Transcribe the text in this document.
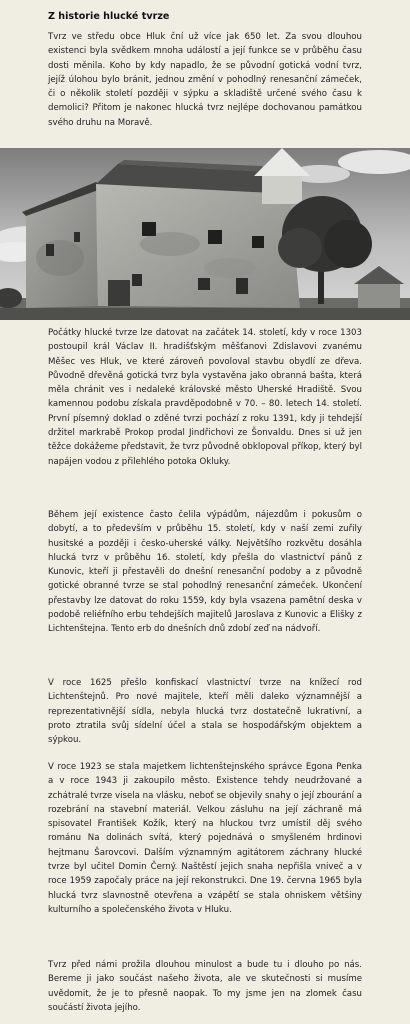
Z historie hlucké tvrze

Tvrz ve středu obce Hluk ční už více jak 650 let. Za svou dlouhou existenci byla svědkem mnoha událostí a její funkce se v průběhu času dosti měnila. Koho by kdy napadlo, že se původní gotická vodní tvrz, jejíž úlohou bylo bránit, jednou změní v pohodlný renesanční zámeček, či o několik století později v sýpku a skladiště určené svého času k demolici? Přitom je nakonec hlucká tvrz nejlépe dochovanou památkou svého druhu na Moravě.

Počátky hlucké tvrze lze datovat na začátek 14. století, kdy v roce 1303 postoupil král Václav II. hradišťským měšťanovi Zdislavovi zvanému Měšec ves Hluk, ve které zároveň povoloval stavbu obydlí ze dřeva. Původně dřevěná gotická tvrz byla vystavěna jako obranná bašta, která měla chránit ves i nedaleké královské město Uherské Hradiště. Svou kamennou podobu získala pravděpodobně v 70. – 80. letech 14. století. První písemný doklad o zděné tvrzi pochází z roku 1391, kdy ji tehdejší držitel markrabě Prokop prodal Jindřichovi ze Šonvaldu. Dnes si už jen těžce dokážeme představit, že tvrz původně obklopoval příkop, který byl napájen vodou z přilehlého potoka Okluky.

Během její existence často čelila výpádům, nájezdům i pokusům o dobytí, a to především v průběhu 15. století, kdy v naší zemi zuřily husitské a později i česko-uherské války. Největšího rozkvětu dosáhla hlucká tvrz v průběhu 16. století, kdy přešla do vlastnictví pánů z Kunovic, kteří ji přestavěli do dnešní renesanční podoby a z původně gotické obranné tvrze se stal pohodlný renesanční zámeček. Ukončení přestavby lze datovat do roku 1559, kdy byla vsazena pamětní deska v podobě reliéfního erbu tehdejších majitelů Jaroslava z Kunovic a Elišky z Lichtenštejna. Tento erb do dnešních dnů zdobí zeď na nádvoří.

V roce 1625 přešlo konfiskací vlastnictví tvrze na knížecí rod Lichtenštejnů. Pro nové majitele, kteří měli daleko významnější a reprezentativnější sídla, nebyla hlucká tvrz dostatečně lukrativní, a proto ztratila svůj sídelní účel a stala se hospodářským objektem a sýpkou.

V roce 1923 se stala majetkem lichtenštejnského správce Egona Penka a v roce 1943 ji zakoupilo město. Existence tehdy neudržované a zchátralé tvrze visela na vlásku, neboť se objevily snahy o její zbourání a rozebrání na stavební materiál. Velkou zásluhu na její záchraně má spisovatel František Kožík, který na hluckou tvrz umístil děj svého románu Na dolinách svítá, který pojednává o smyšleném hrdinovi hejtmanu Šarovcovi. Dalším významným agitátorem záchrany hlucké tvrze byl učitel Domin Černý. Naštěstí jejich snaha nepřišla vniveč a v roce 1959 započaly práce na její rekonstrukci. Dne 19. června 1965 byla hlucká tvrz slavnostně otevřena a vzápětí se stala ohniskem většiny kulturního a společenského života v Hluku.

Tvrz před námi prožila dlouhou minulost a bude tu i dlouho po nás. Bereme ji jako součást našeho života, ale ve skutečnosti si musíme uvědomit, že je to přesně naopak. To my jsme jen na zlomek času součástí života jejího.
